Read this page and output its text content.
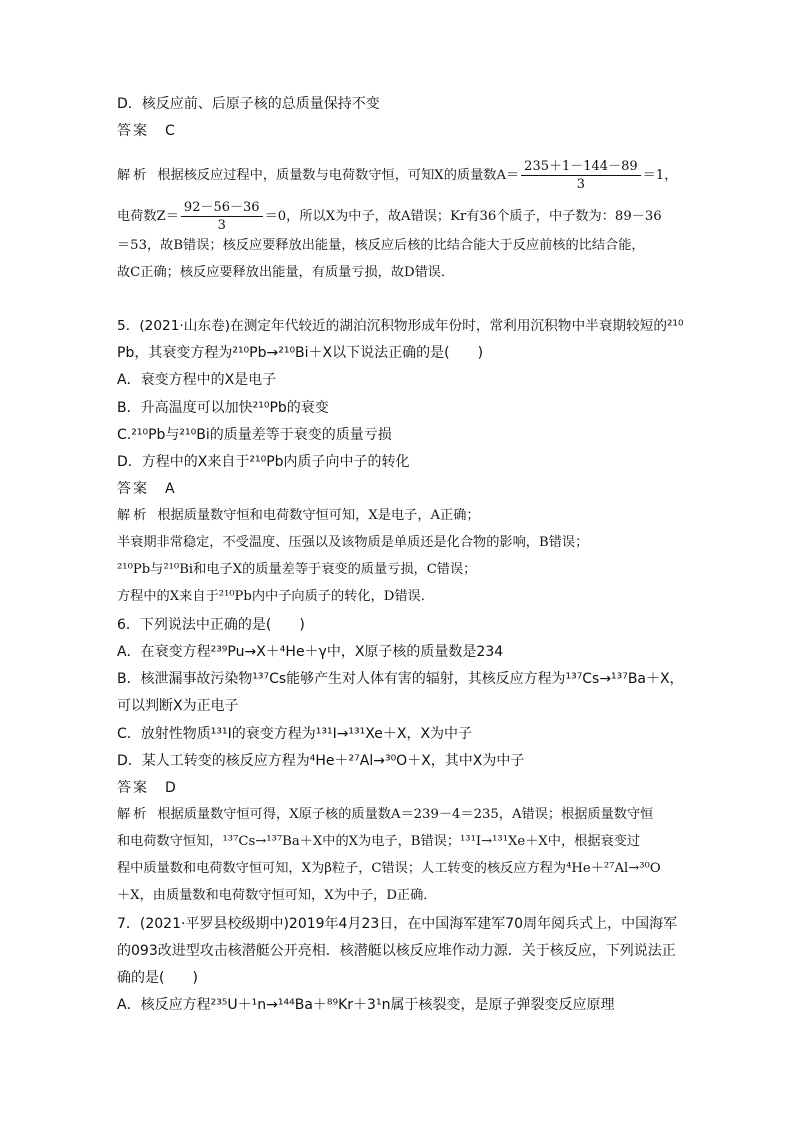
D．核反应前、后原子核的总质量保持不变
答案　C
解析 根据核反应过程中，质量数与电荷数守恒，可知X的质量数$A= \frac{235+1-144-89}{3} =1$，
电荷数$Z= \frac{92-56-36}{3} =0$，所以X为中子，故A错误；Kr有36个质子，中子数为：89－36
＝53，故B错误；核反应要释放出能量，核反应后核的比结合能大于反应前核的比结合能，
故C正确；核反应要释放出能量，有质量亏损，故D错误．
5．(2021·山东卷)在测定年代较近的湖泊沉积物形成年份时，常利用沉积物中半衰期较短的²¹⁰
Pb，其衰变方程为²¹⁰Pb→²¹⁰Bi＋X以下说法正确的是(　　)
A．衰变方程中的X是电子
B．升高温度可以加快²¹⁰Pb的衰变
C.²¹⁰Pb与²¹⁰Bi的质量差等于衰变的质量亏损
D．方程中的X来自于²¹⁰Pb内质子向中子的转化
答案　A
解析 根据质量数守恒和电荷数守恒可知，X是电子，A正确；
半衰期非常稳定，不受温度、压强以及该物质是单质还是化合物的影响，B错误；
²¹⁰Pb与²¹⁰Bi和电子X的质量差等于衰变的质量亏损，C错误；
方程中的X来自于²¹⁰Pb内中子向质子的转化，D错误．
6．下列说法中正确的是(　　)
A．在衰变方程²³⁹Pu→X＋⁴He＋γ中，X原子核的质量数是234
B．核泄漏事故污染物¹³⁷Cs能够产生对人体有害的辐射，其核反应方程为¹³⁷Cs→¹³⁷Ba＋X，
可以判断X为正电子
C．放射性物质¹³¹I的衰变方程为¹³¹I→¹³¹Xe＋X，X为中子
D．某人工转变的核反应方程为⁴He＋²⁷Al→³⁰O＋X，其中X为中子
答案　D
解析 根据质量数守恒可得，X原子核的质量数A＝239－4＝235，A错误；根据质量数守恒
和电荷数守恒知，¹³⁷Cs→¹³⁷Ba＋X中的X为电子，B错误；¹³¹I→¹³¹Xe＋X中，根据衰变过
程中质量数和电荷数守恒可知，X为β粒子，C错误；人工转变的核反应方程为⁴He＋²⁷Al→³⁰O
＋X，由质量数和电荷数守恒可知，X为中子，D正确．
7．(2021·平罗县校级期中)2019年4月23日，在中国海军建军70周年阅兵式上，中国海军
的093改进型攻击核潜艇公开亮相．核潜艇以核反应堆作动力源．关于核反应，下列说法正
确的是(　　)
A．核反应方程²³⁵U＋¹n→¹⁴⁴Ba＋⁸⁹Kr＋3¹n属于核裂变，是原子弹裂变反应原理
